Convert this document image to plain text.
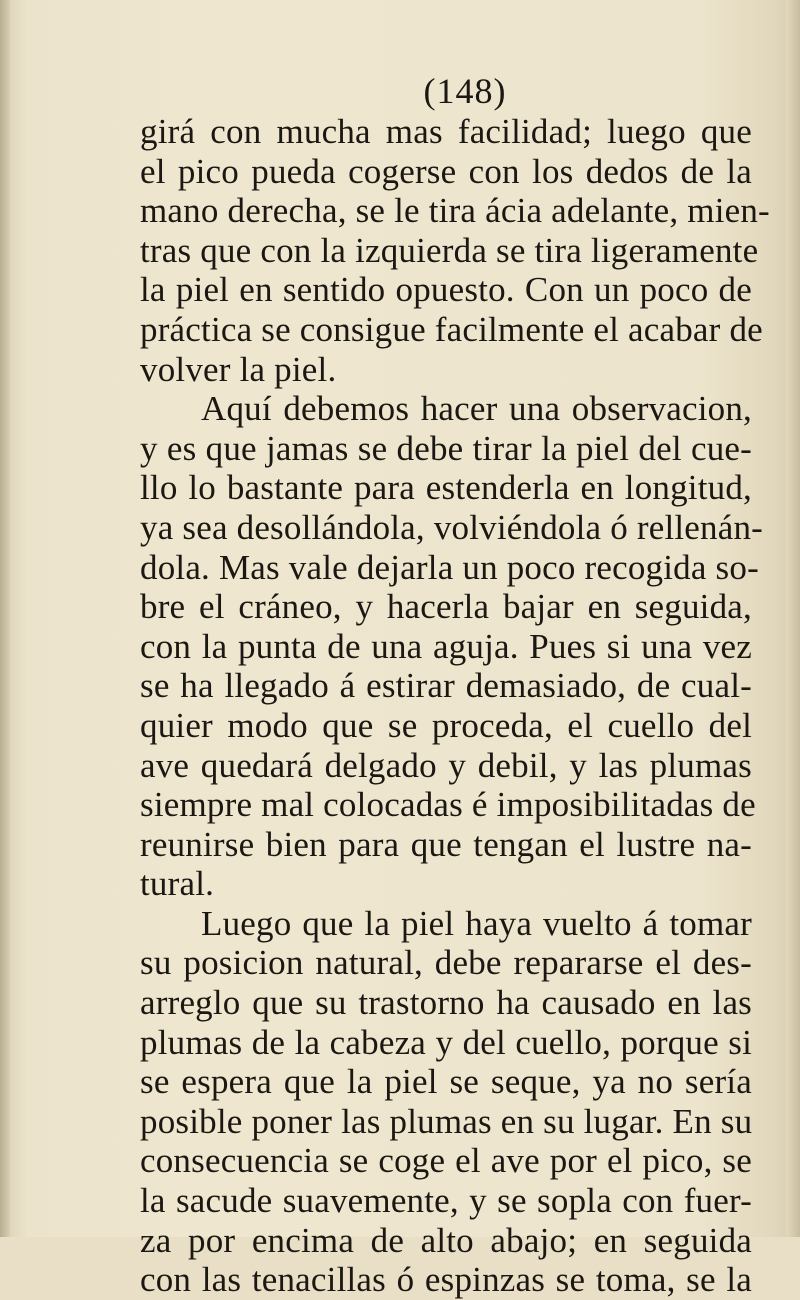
(148)
girá con mucha mas facilidad; luego que
el pico pueda cogerse con los dedos de la
mano derecha, se le tira ácia adelante, mien-
tras que con la izquierda se tira ligeramente
la piel en sentido opuesto. Con un poco de
práctica se consigue facilmente el acabar de
volver la piel.
Aquí debemos hacer una observacion,
y es que jamas se debe tirar la piel del cue-
llo lo bastante para estenderla en longitud,
ya sea desollándola, volviéndola ó rellenán-
dola. Mas vale dejarla un poco recogida so-
bre el cráneo, y hacerla bajar en seguida,
con la punta de una aguja. Pues si una vez
se ha llegado á estirar demasiado, de cual-
quier modo que se proceda, el cuello del
ave quedará delgado y debil, y las plumas
siempre mal colocadas é imposibilitadas de
reunirse bien para que tengan el lustre na-
tural.
Luego que la piel haya vuelto á tomar
su posicion natural, debe repararse el des-
arreglo que su trastorno ha causado en las
plumas de la cabeza y del cuello, porque si
se espera que la piel se seque, ya no sería
posible poner las plumas en su lugar. En su
consecuencia se coge el ave por el pico, se
la sacude suavemente, y se sopla con fuer-
za por encima de alto abajo; en seguida
con las tenacillas ó espinzas se toma, se la
